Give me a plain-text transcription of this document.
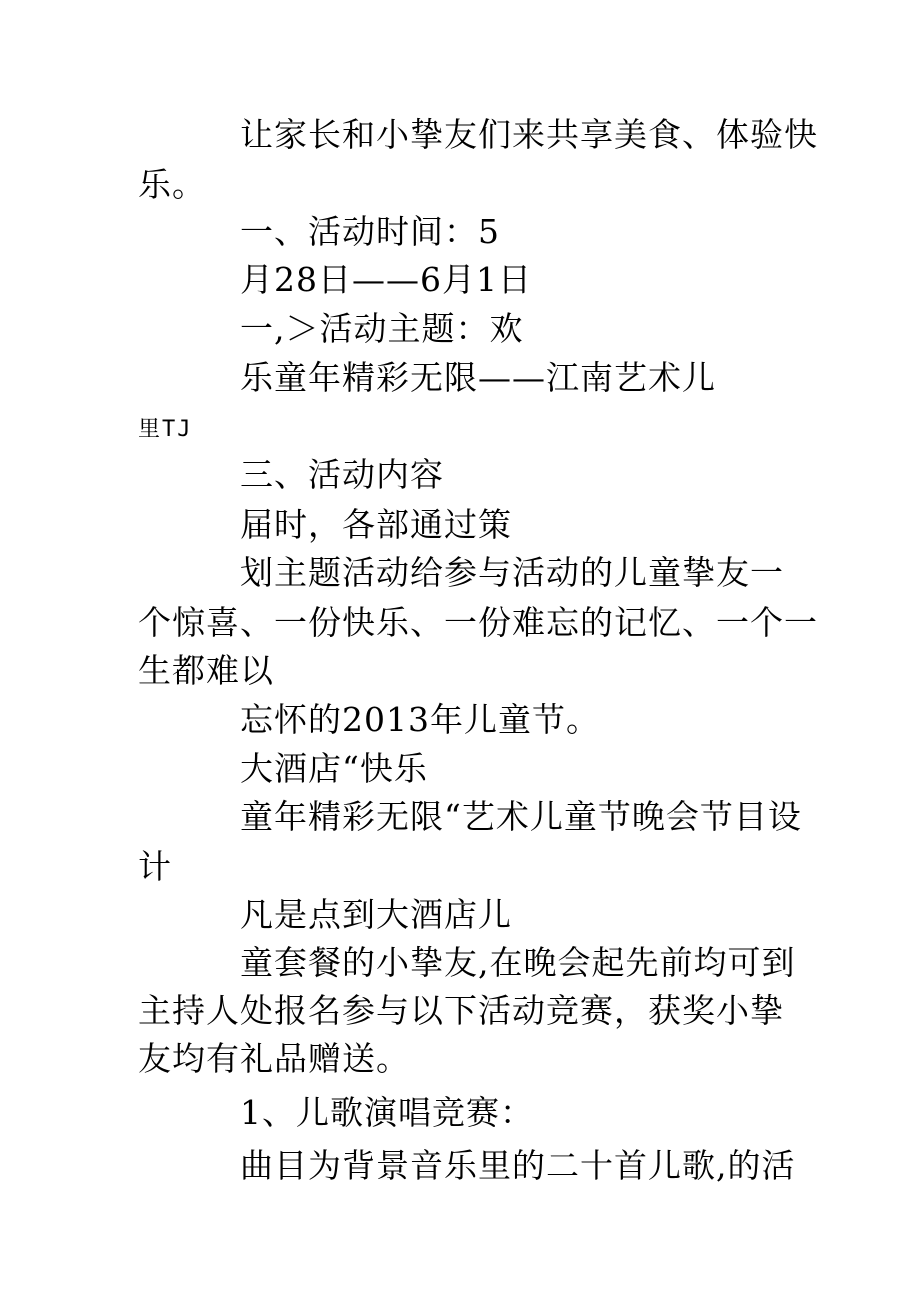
让家长和小挚友们来共享美食、体验快
乐。
一、活动时间：5
月28日——6月1日
一,＞活动主题：欢
乐童年精彩无限——江南艺术儿
里TJ
三、活动内容
届时，各部通过策
划主题活动给参与活动的儿童挚友一
个惊喜、一份快乐、一份难忘的记忆、一个一
生都难以
忘怀的2013年儿童节。
大酒店“快乐
童年精彩无限“艺术儿童节晚会节目设
计
凡是点到大酒店儿
童套餐的小挚友,在晚会起先前均可到
主持人处报名参与以下活动竞赛，获奖小挚
友均有礼品赠送。
1、儿歌演唱竞赛：
曲目为背景音乐里的二十首儿歌,的活
